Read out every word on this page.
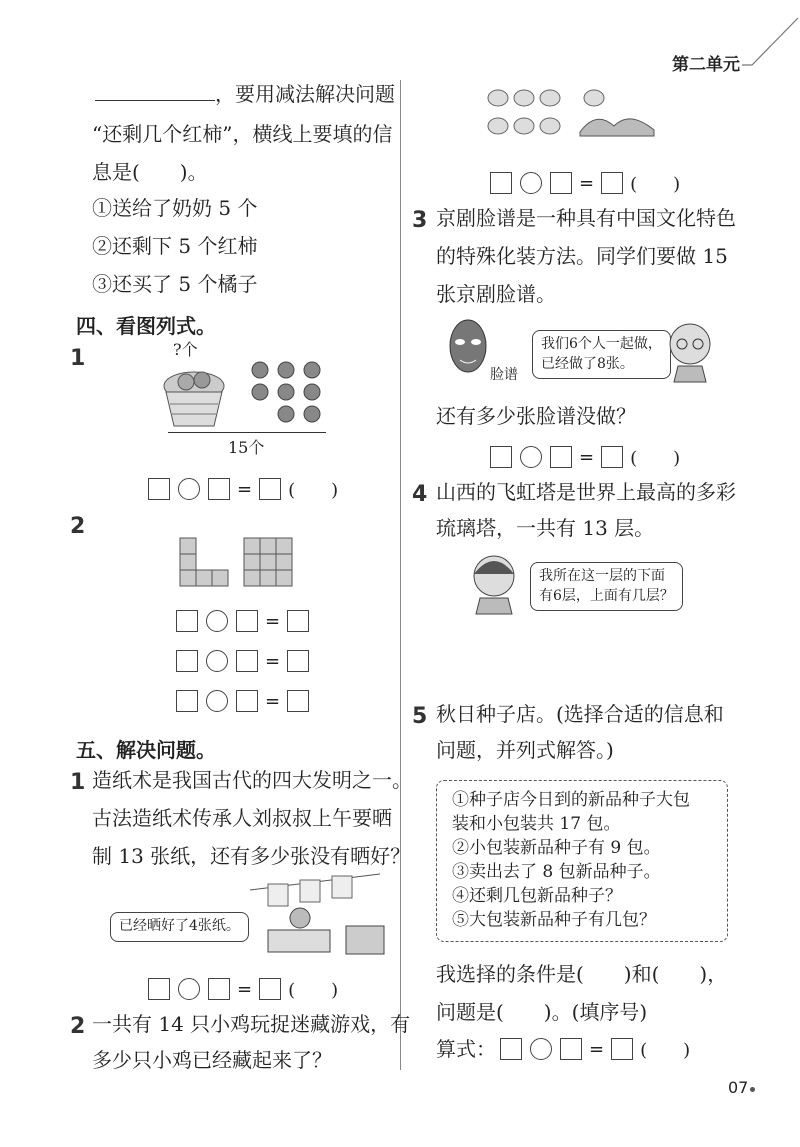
第二单元
，要用减法解决问题
“还剩几个红柿”，横线上要填的信
息是(　　)。
①送给了奶奶 5 个
②还剩下 5 个红柿
③还买了 5 个橘子
四、看图列式。
1	?个
15个
= (　　)
2
=
=
=
五、解决问题。
1 造纸术是我国古代的四大发明之一。
古法造纸术传承人刘叔叔上午要晒
制 13 张纸，还有多少张没有晒好？
已经晒好了4张纸。
= (　　)
2 一共有 14 只小鸡玩捉迷藏游戏，有
多少只小鸡已经藏起来了？
= (　　)
3 京剧脸谱是一种具有中国文化特色
的特殊化装方法。同学们要做 15
张京剧脸谱。
脸谱
我们6个人一起做，
已经做了8张。
还有多少张脸谱没做？
= (　　)
4 山西的飞虹塔是世界上最高的多彩
琉璃塔，一共有 13 层。
我所在这一层的下面
有6层，上面有几层？
5 秋日种子店。(选择合适的信息和
问题，并列式解答。)
①种子店今日到的新品种子大包
装和小包装共 17 包。
②小包装新品种子有 9 包。
③卖出去了 8 包新品种子。
④还剩几包新品种子？
⑤大包装新品种子有几包？
我选择的条件是(　　)和(　　)，
问题是(　　)。(填序号)
算式：	= (　　)
07
